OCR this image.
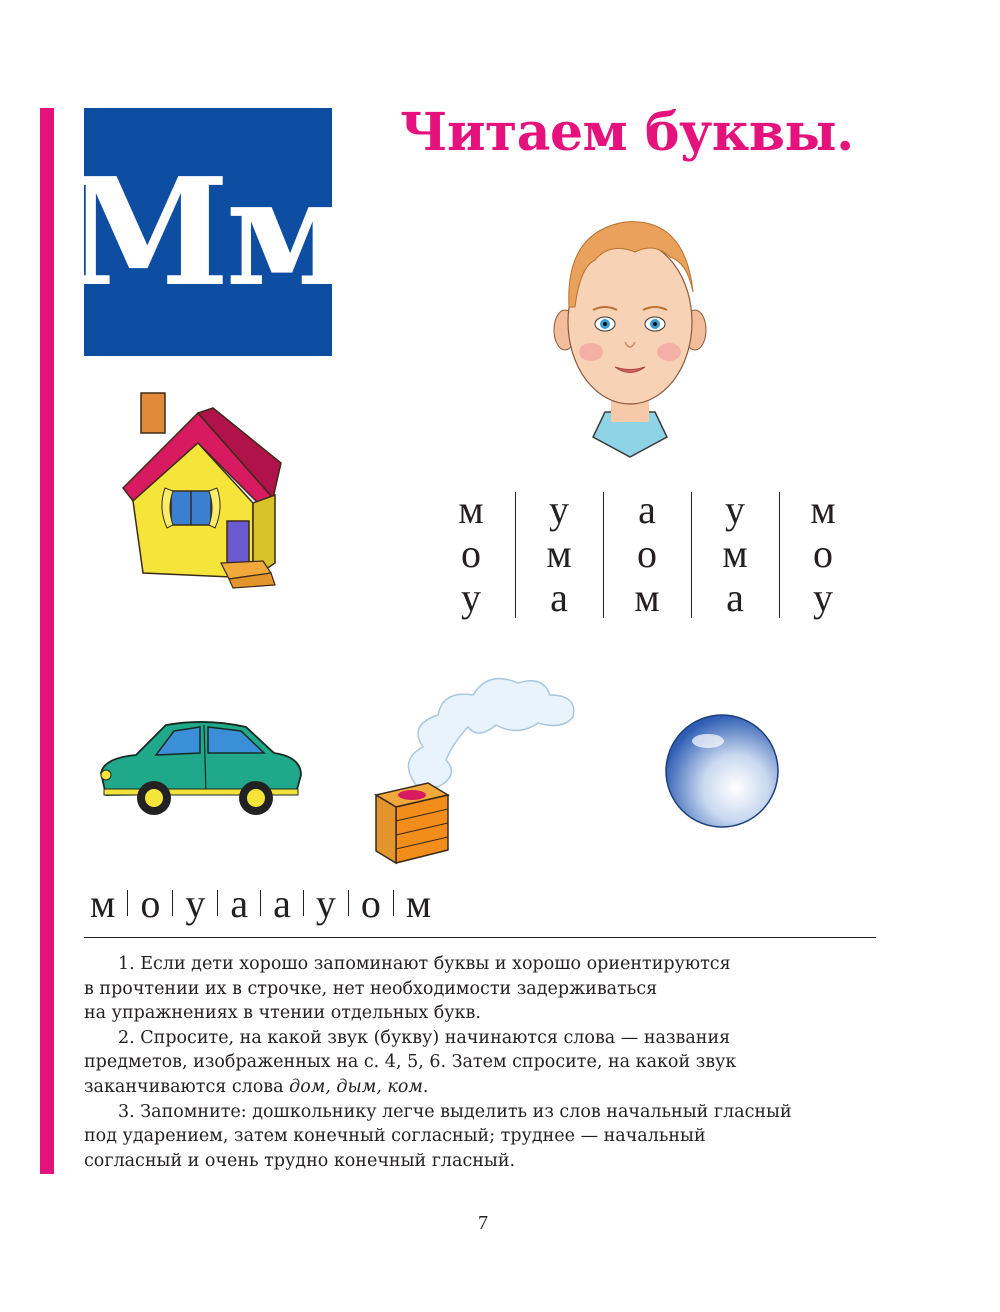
Мм
Читаем буквы.
м	у	а	у	м
о	м	о	м	о
у	а	м	а	у
м о у а а у о м

1. Если дети хорошо запоминают буквы и хорошо ориентируются

в прочтении их в строчке, нет необходимости задерживаться

на упражнениях в чтении отдельных букв.

2. Спросите, на какой звук (букву) начинаются слова — названия

предметов, изображенных на с. 4, 5, 6. Затем спросите, на какой звук

заканчиваются слова дом, дым, ком.

3. Запомните: дошкольнику легче выделить из слов начальный гласный

под ударением, затем конечный согласный; труднее — начальный

согласный и очень трудно конечный гласный.

7
